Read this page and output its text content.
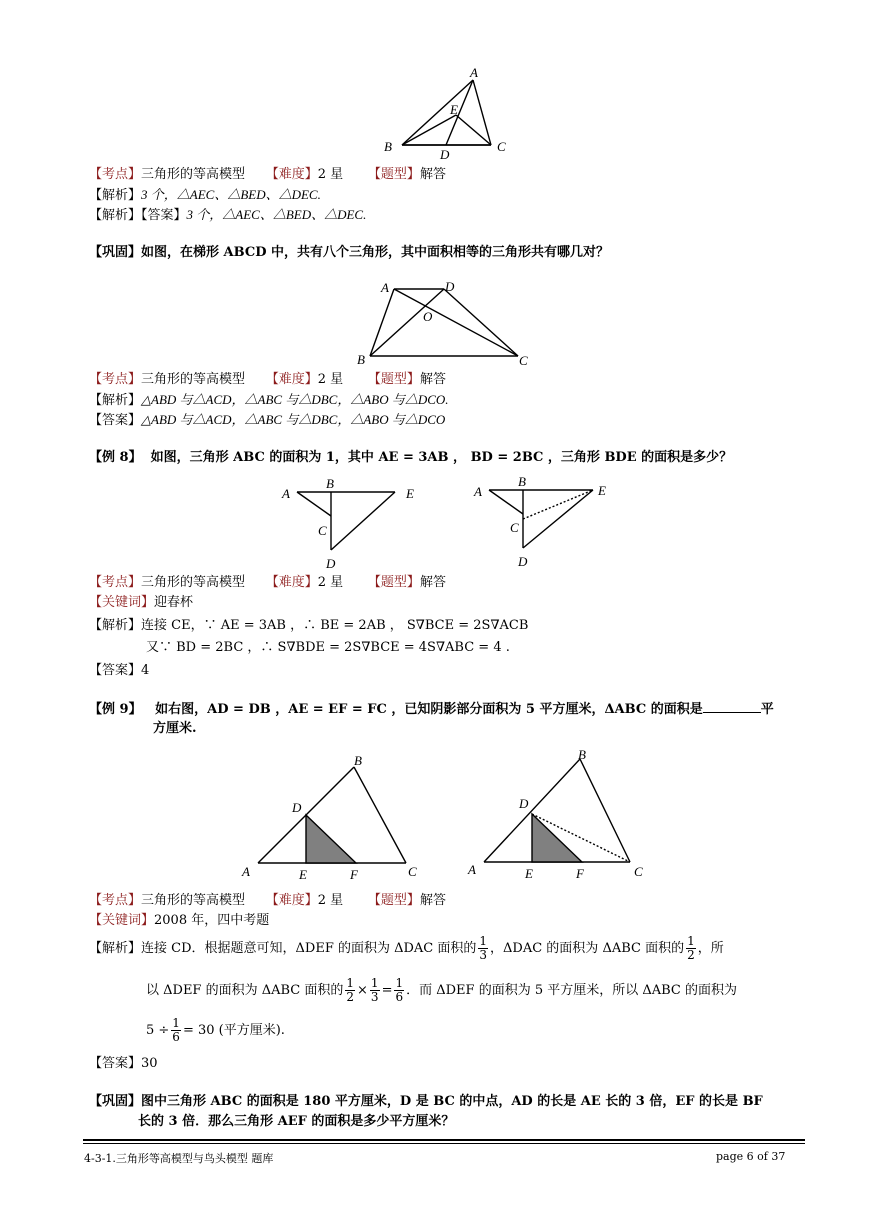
A
E
B
D
C
【考点】三角形的等高模型 【难度】2 星 【题型】解答
【解析】3 个，△AEC、△BED、△DEC.
【解析】【答案】3 个，△AEC、△BED、△DEC.
【巩固】如图，在梯形 ABCD 中，共有八个三角形，其中面积相等的三角形共有哪几对？
A	D
O
B	C
【考点】三角形的等高模型 【难度】2 星 【题型】解答
【解析】△ABD 与△ACD，△ABC 与△DBC，△ABO 与△DCO.
【答案】△ABD 与△ACD，△ABC 与△DBC，△ABO 与△DCO
【例 8】 如图，三角形 ABC 的面积为 1，其中 AE = 3AB ， BD = 2BC ，三角形 BDE 的面积是多少？
A
B
E
C
D
A
B
E
C
D
【考点】三角形的等高模型 【难度】2 星 【题型】解答
【关键词】迎春杯
【解析】连接 CE，∵ AE = 3AB ，∴ BE = 2AB ， S∇BCE = 2S∇ACB
又∵ BD = 2BC ，∴ S∇BDE = 2S∇BCE = 4S∇ABC = 4 .
【答案】4
【例 9】 如右图，AD = DB ，AE = EF = FC ，已知阴影部分面积为 5 平方厘米，ΔABC 的面积是	平
方厘米.
B
D
A	E	F	C
B
D
A	E	F	C
【考点】三角形的等高模型 【难度】2 星 【题型】解答
【关键词】2008 年，四中考题
【解析】连接 CD．根据题意可知，ΔDEF 的面积为 ΔDAC 面积的 $\frac{1}{3}$ ，ΔDAC 的面积为 ΔABC 面积的 $\frac{1}{2}$ ，所
以 ΔDEF 的面积为 ΔABC 面积的 $\frac{1}{2} \times \frac{1}{3} = \frac{1}{6}$ ．而 ΔDEF 的面积为 5 平方厘米，所以 ΔABC 的面积为
$5 \div \frac{1}{6} = 30$ (平方厘米).
【答案】30
【巩固】图中三角形 ABC 的面积是 180 平方厘米，D 是 BC 的中点，AD 的长是 AE 长的 3 倍，EF 的长是 BF
长的 3 倍．那么三角形 AEF 的面积是多少平方厘米？
4-3-1.三角形等高模型与鸟头模型 题库	page 6 of 37
